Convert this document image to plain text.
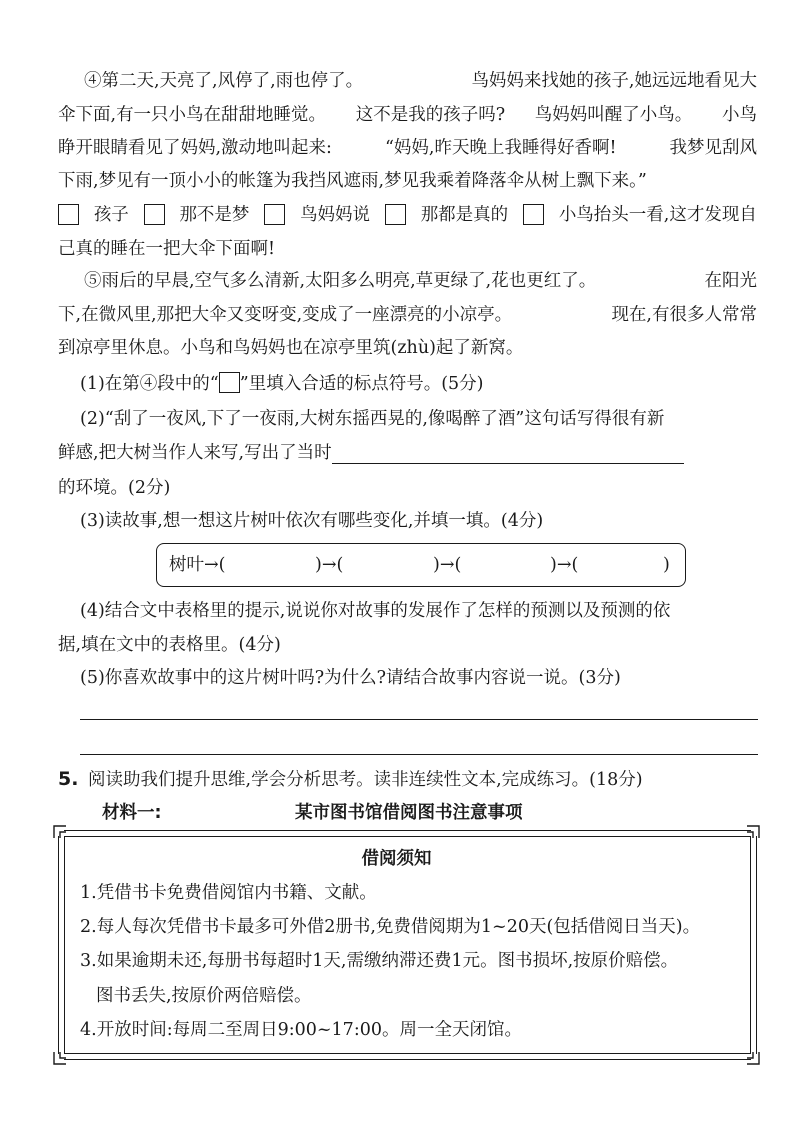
④第二天,天亮了,风停了,雨也停了。	鸟妈妈来找她的孩子,她远远地看见大
伞下面,有一只小鸟在甜甜地睡觉。 这不是我的孩子吗? 鸟妈妈叫醒了小鸟。 小鸟
睁开眼睛看见了妈妈,激动地叫起来:	“妈妈,昨天晚上我睡得好香啊!	我梦见刮风
下雨,梦见有一顶小小的帐篷为我挡风遮雨,梦见我乘着降落伞从树上飘下来。”
孩子	那不是梦	鸟妈妈说	那都是真的	小鸟抬头一看,这才发现自
己真的睡在一把大伞下面啊!
⑤雨后的早晨,空气多么清新,太阳多么明亮,草更绿了,花也更红了。	在阳光
下,在微风里,那把大伞又变呀变,变成了一座漂亮的小凉亭。	现在,有很多人常常
到凉亭里休息。小鸟和鸟妈妈也在凉亭里筑(zhù)起了新窝。
(1)在第④段中的“ ”里填入合适的标点符号。(5分)
(2)“刮了一夜风,下了一夜雨,大树东摇西晃的,像喝醉了酒”这句话写得很有新
鲜感,把大树当作人来写,写出了当时
的环境。(2分)
(3)读故事,想一想这片树叶依次有哪些变化,并填一填。(4分)
树叶→(	)→(	)→(	)→(	)
(4)结合文中表格里的提示,说说你对故事的发展作了怎样的预测以及预测的依
据,填在文中的表格里。(4分)
(5)你喜欢故事中的这片树叶吗?为什么?请结合故事内容说一说。(3分)
5. 阅读助我们提升思维,学会分析思考。读非连续性文本,完成练习。(18分)
材料一:	某市图书馆借阅图书注意事项
借阅须知
1.凭借书卡免费借阅馆内书籍、文献。
2.每人每次凭借书卡最多可外借2册书,免费借阅期为1~20天(包括借阅日当天)。
3.如果逾期未还,每册书每超时1天,需缴纳滞还费1元。图书损坏,按原价赔偿。
图书丢失,按原价两倍赔偿。
4.开放时间:每周二至周日9:00~17:00。周一全天闭馆。
